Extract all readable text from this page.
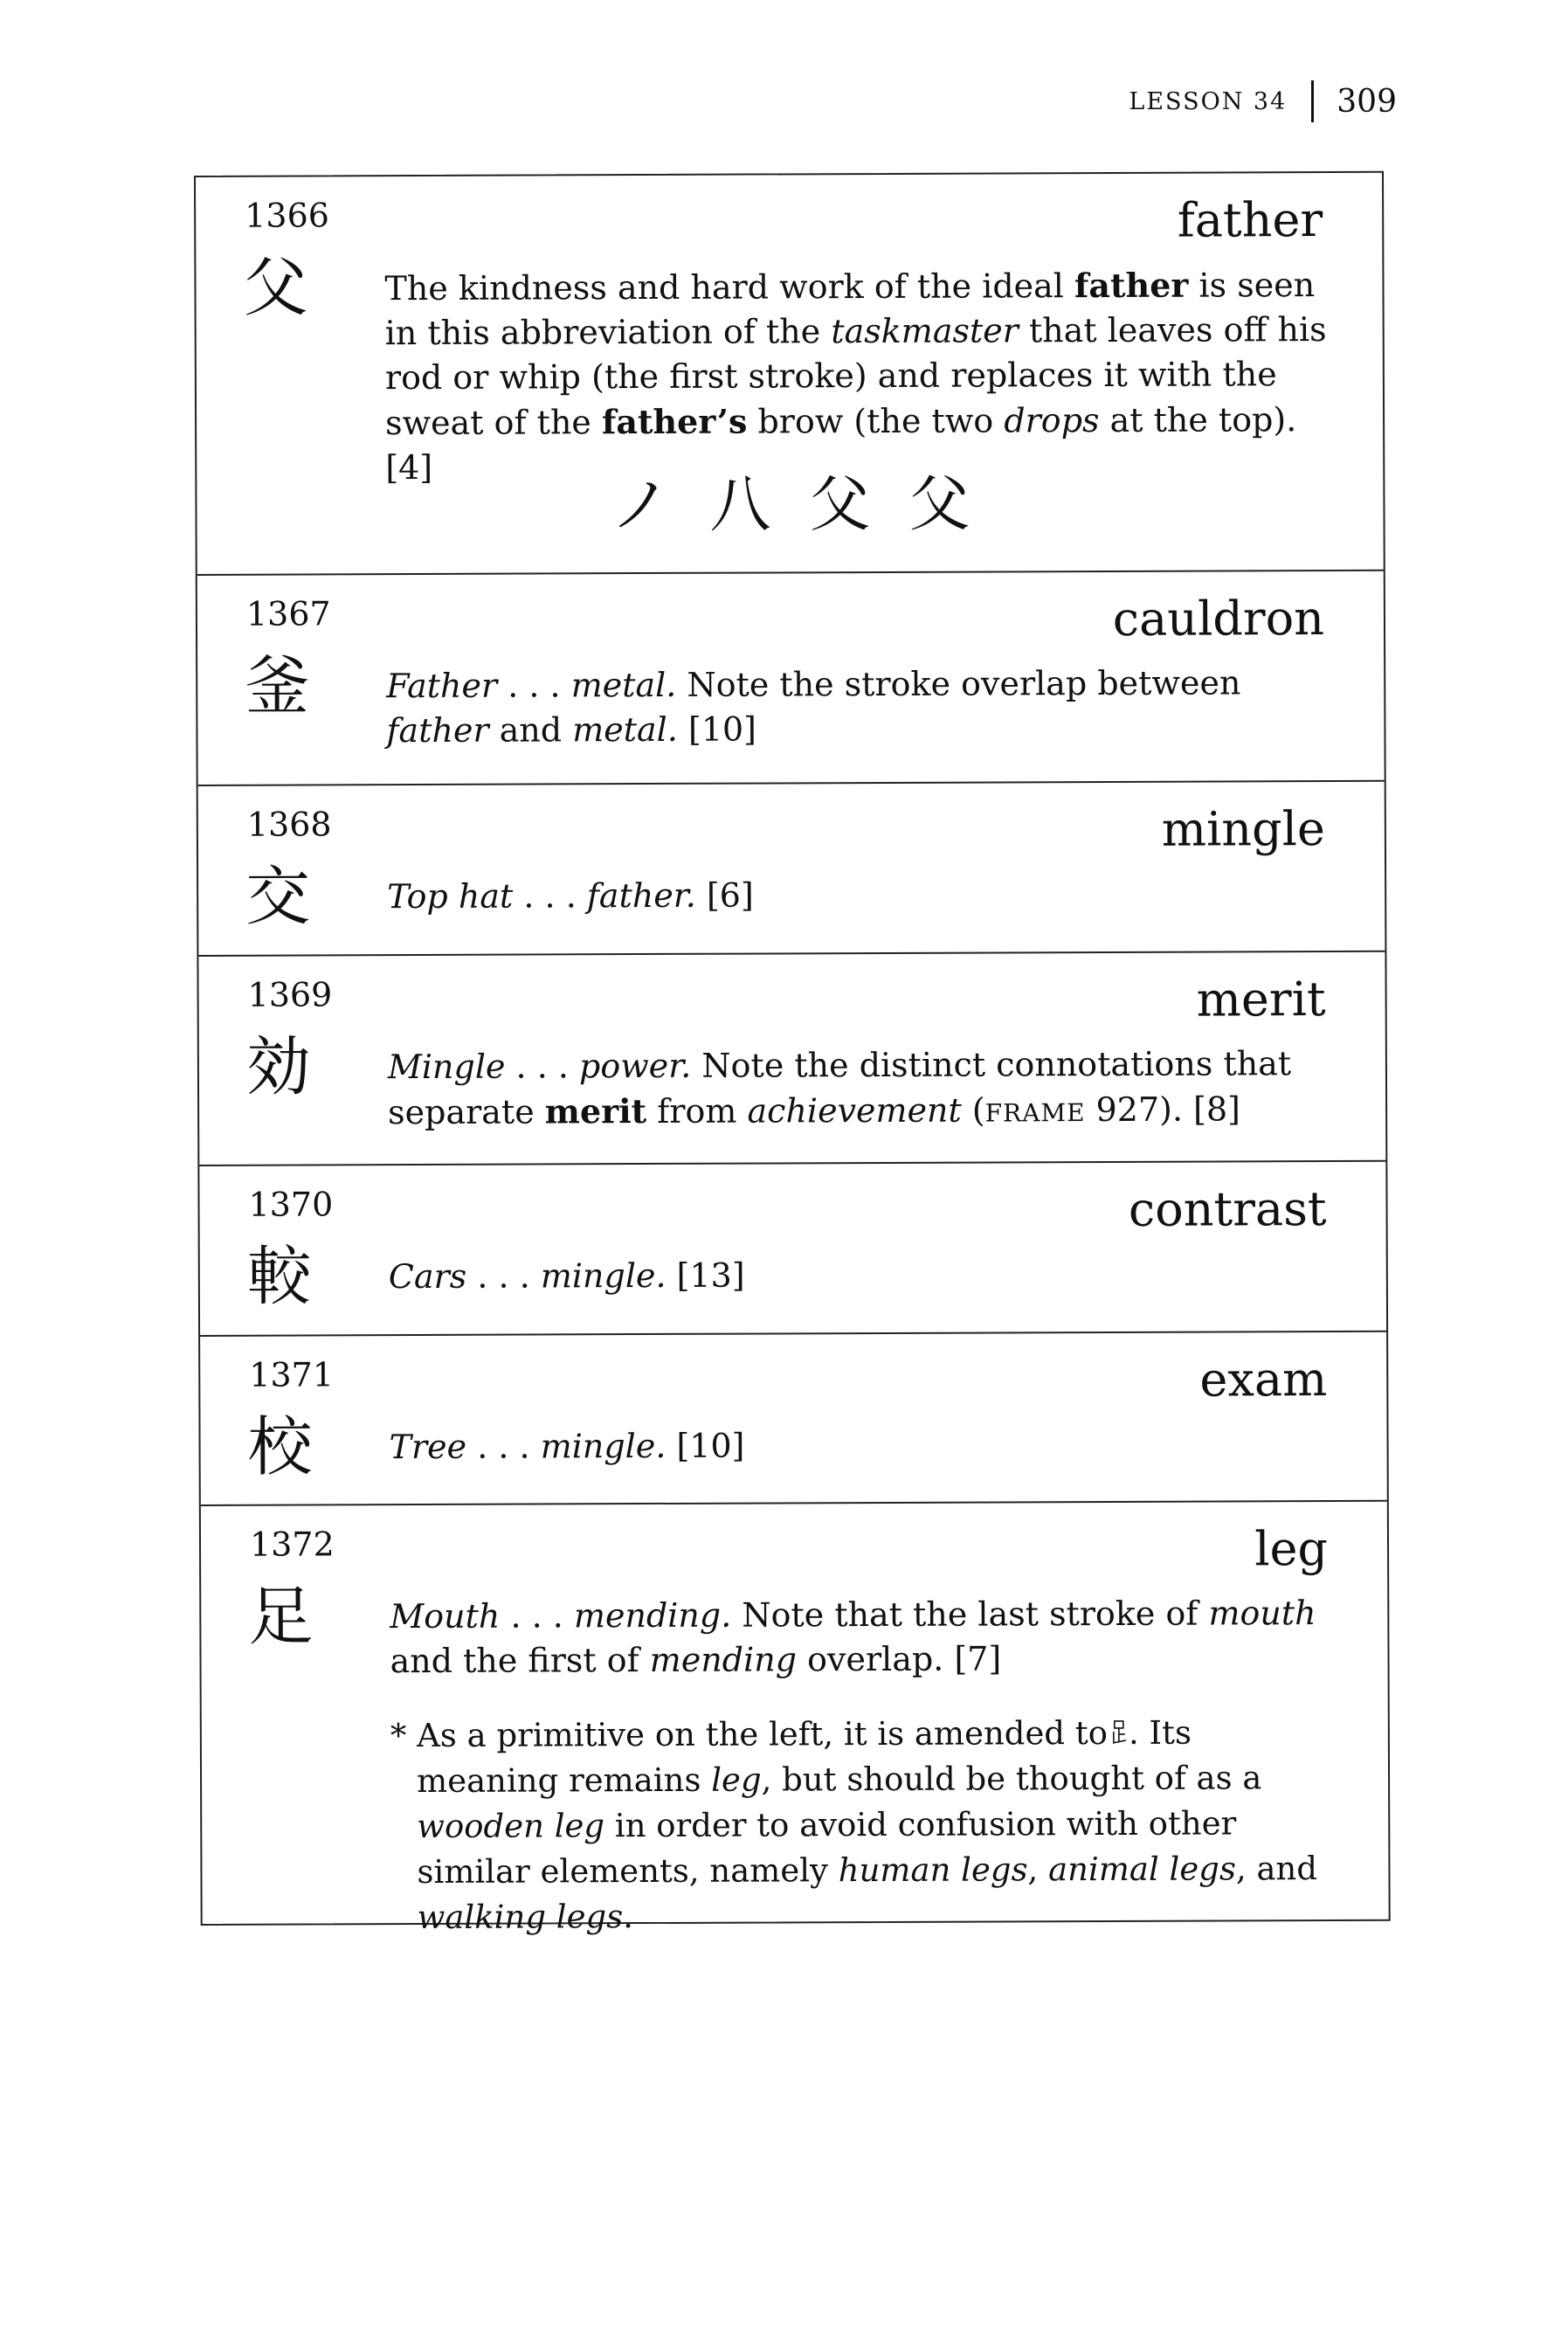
LESSON 34 309
1366
父
father
The kindness and hard work of the ideal father is seen in this abbreviation of the taskmaster that leaves off his rod or whip (the first stroke) and replaces it with the sweat of the father’s brow (the two drops at the top). [4]
ノ 八 父 父
1367
釜
cauldron
Father . . . metal. Note the stroke overlap between father and metal. [10]
1368
交
mingle
Top hat . . . father. [6]
1369
効
merit
Mingle . . . power. Note the distinct connotations that separate merit from achievement (FRAME 927). [8]
1370
較
contrast
Cars . . . mingle. [13]
1371
校
exam
Tree . . . mingle. [10]
1372
足
leg
Mouth . . . mending. Note that the last stroke of mouth and the first of mending overlap. [7]
* As a primitive on the left, it is amended to . Its meaning remains leg, but should be thought of as a wooden leg in order to avoid confusion with other similar elements, namely human legs, animal legs, and walking legs.
